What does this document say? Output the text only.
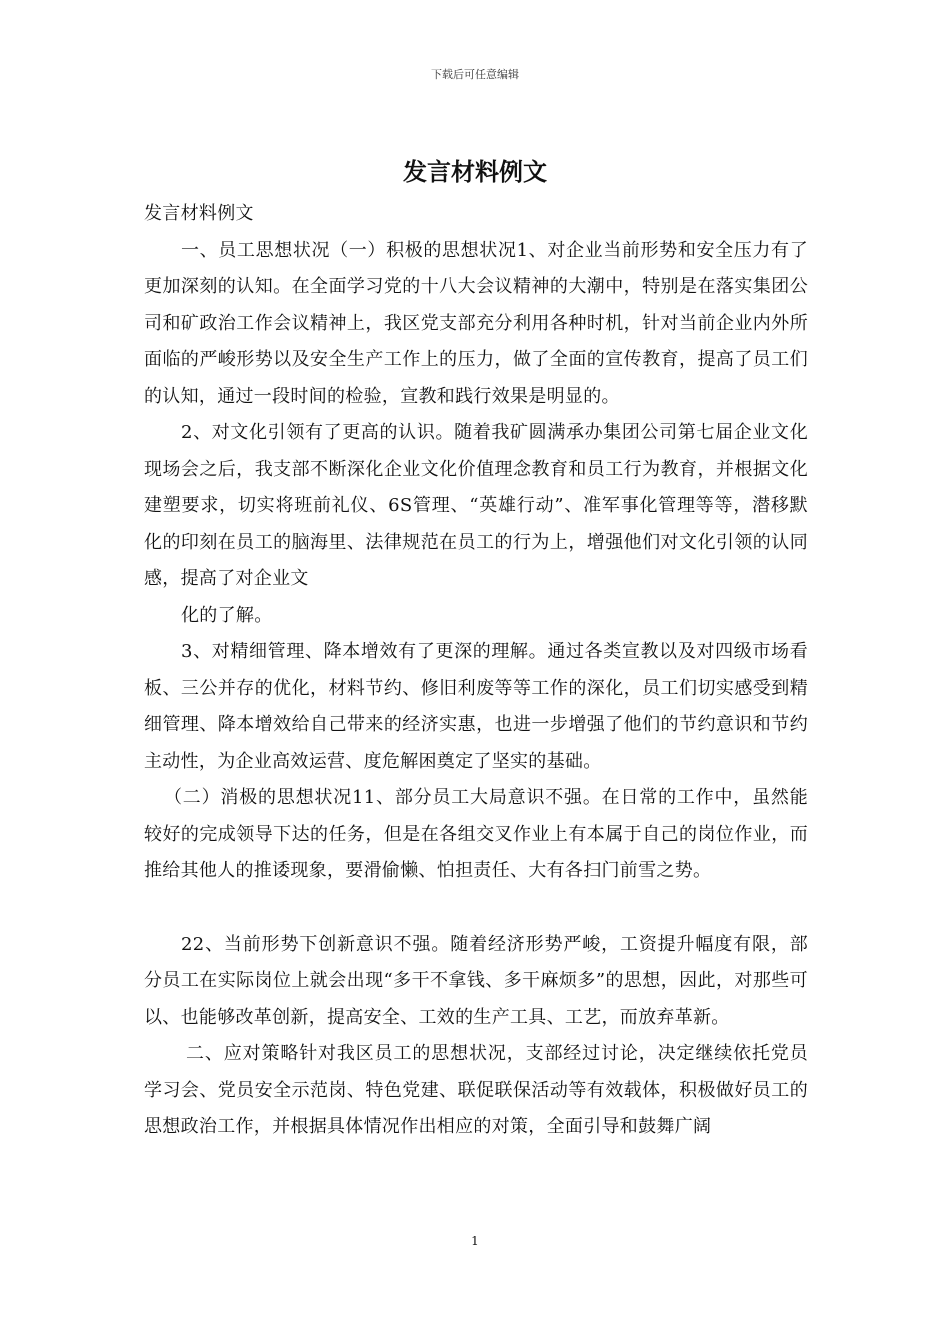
下载后可任意编辑
发言材料例文

发言材料例文

一、员工思想状况（一）积极的思想状况1、对企业当前形势和安全压力有了更加深刻的认知。在全面学习党的十八大会议精神的大潮中，特别是在落实集团公司和矿政治工作会议精神上，我区党支部充分利用各种时机，针对当前企业内外所面临的严峻形势以及安全生产工作上的压力，做了全面的宣传教育，提高了员工们的认知，通过一段时间的检验，宣教和践行效果是明显的。

2、对文化引领有了更高的认识。随着我矿圆满承办集团公司第七届企业文化现场会之后，我支部不断深化企业文化价值理念教育和员工行为教育，并根据文化建塑要求，切实将班前礼仪、6S管理、“英雄行动”、准军事化管理等等，潜移默化的印刻在员工的脑海里、法律规范在员工的行为上，增强他们对文化引领的认同感，提高了对企业文

化的了解。

3、对精细管理、降本增效有了更深的理解。通过各类宣教以及对四级市场看板、三公并存的优化，材料节约、修旧利废等等工作的深化，员工们切实感受到精细管理、降本增效给自己带来的经济实惠，也进一步增强了他们的节约意识和节约主动性，为企业高效运营、度危解困奠定了坚实的基础。

（二）消极的思想状况11、部分员工大局意识不强。在日常的工作中，虽然能较好的完成领导下达的任务，但是在各组交叉作业上有本属于自己的岗位作业，而推给其他人的推诿现象，要滑偷懒、怕担责任、大有各扫门前雪之势。

22、当前形势下创新意识不强。随着经济形势严峻，工资提升幅度有限，部分员工在实际岗位上就会出现“多干不拿钱、多干麻烦多”的思想，因此，对那些可以、也能够改革创新，提高安全、工效的生产工具、工艺，而放弃革新。

二、应对策略针对我区员工的思想状况，支部经过讨论，决定继续依托党员学习会、党员安全示范岗、特色党建、联促联保活动等有效载体，积极做好员工的思想政治工作，并根据具体情况作出相应的对策，全面引导和鼓舞广阔

1
